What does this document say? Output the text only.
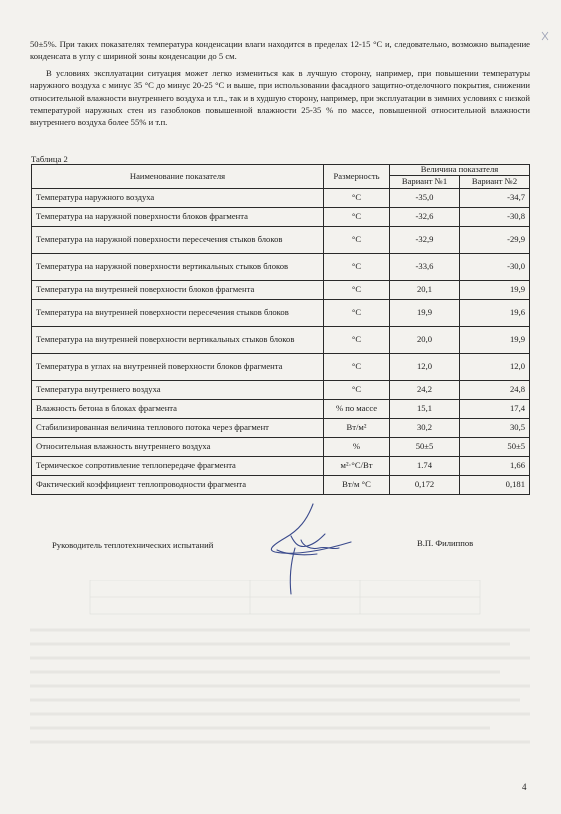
50±5%. При таких показателях температура конденсации влаги находится в пределах 12-15 °С и, следовательно, возможно выпадение конденсата в углу с шириной зоны конденсации до 5 см.

В условиях эксплуатации ситуация может легко измениться как в лучшую сторону, например, при повышении температуры наружного воздуха с минус 35 °С до минус 20-25 °С и выше, при использовании фасадного защитно-отделочного покрытия, снижении относительной влажности внутреннего воздуха и т.п., так и в худшую сторону, например, при эксплуатации в зимних условиях с низкой температурой наружных стен из газоблоков повышенной влажности 25-35 % по массе, повышенной относительной влажности внутреннего воздуха более 55% и т.п.

Таблица 2
Наименование показателя	Размерность	Величина показателя	
		Вариант №1	Вариант №2
Температура наружного воздуха	°С	-35,0	-34,7
Температура на наружной поверхности блоков фрагмента	°С	-32,6	-30,8
Температура на наружной поверхности пересечения стыков блоков	°С	-32,9	-29,9
Температура на наружной поверхности вертикальных стыков блоков	°С	-33,6	-30,0
Температура на внутренней поверхности блоков фрагмента	°С	20,1	19,9
Температура на внутренней поверхности пересечения стыков блоков	°С	19,9	19,6
Температура на внутренней поверхности вертикальных стыков блоков	°С	20,0	19,9
Температура в углах на внутренней поверхности блоков фрагмента	°С	12,0	12,0
Температура внутреннего воздуха	°С	24,2	24,8
Влажность бетона в блоках фрагмента	% по массе	15,1	17,4
Стабилизированная величина теплового потока через фрагмент	Вт/м²	30,2	30,5
Относительная влажность внутреннего воздуха	%	50±5	50±5
Термическое сопротивление теплопередаче фрагмента	м²·°С/Вт	1.74	1,66
Фактический коэффициент теплопроводности фрагмента	Вт/м °С	0,172	0,181
Руководитель теплотехнических испытаний	В.П. Филиппов
4
